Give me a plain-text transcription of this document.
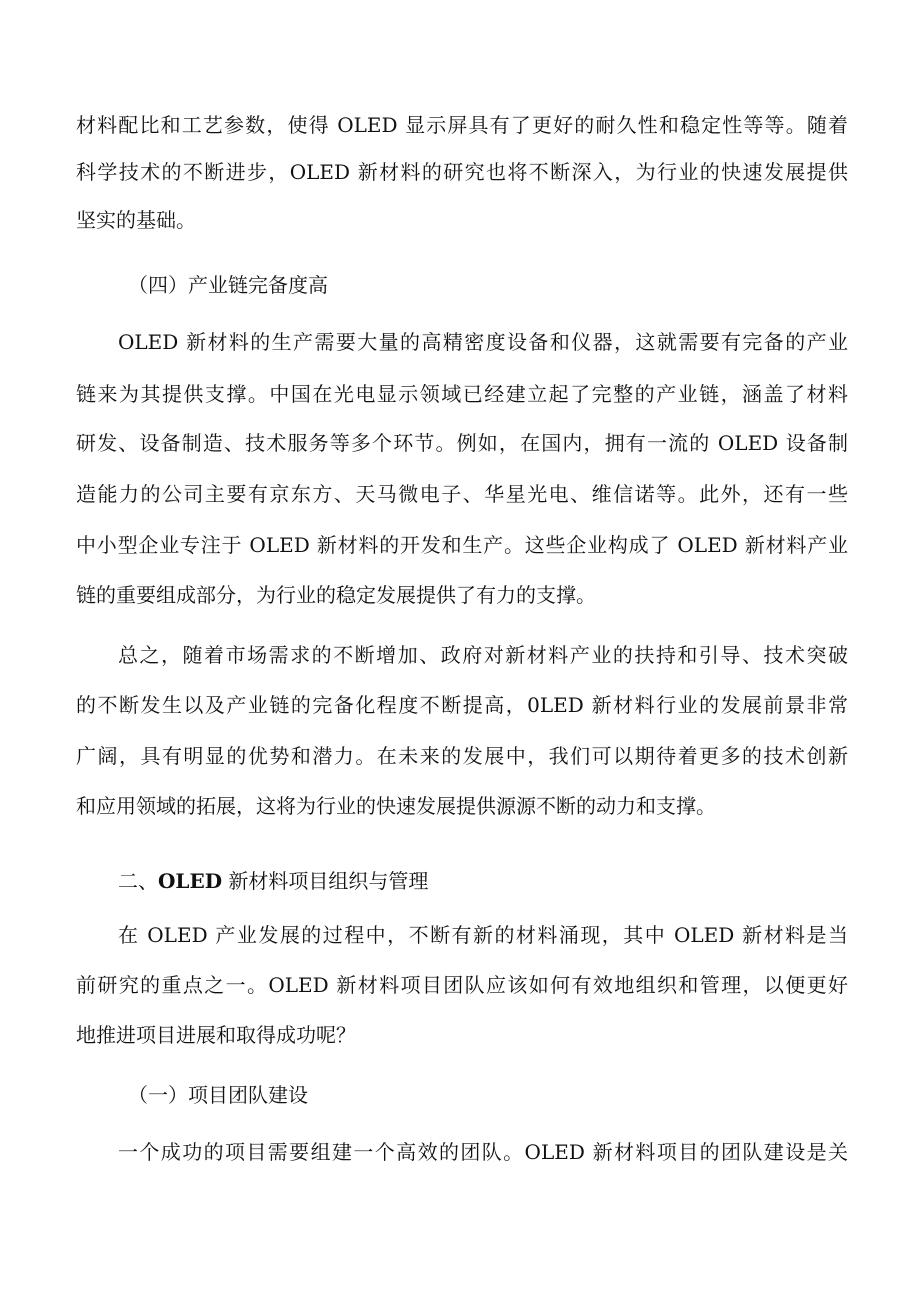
材料配比和工艺参数，使得 OLED 显示屏具有了更好的耐久性和稳定性等等。随着
科学技术的不断进步，OLED 新材料的研究也将不断深入，为行业的快速发展提供
坚实的基础。
（四）产业链完备度高
OLED 新材料的生产需要大量的高精密度设备和仪器，这就需要有完备的产业
链来为其提供支撑。中国在光电显示领域已经建立起了完整的产业链，涵盖了材料
研发、设备制造、技术服务等多个环节。例如，在国内，拥有一流的 OLED 设备制
造能力的公司主要有京东方、天马微电子、华星光电、维信诺等。此外，还有一些
中小型企业专注于 OLED 新材料的开发和生产。这些企业构成了 OLED 新材料产业
链的重要组成部分，为行业的稳定发展提供了有力的支撑。
总之，随着市场需求的不断增加、政府对新材料产业的扶持和引导、技术突破
的不断发生以及产业链的完备化程度不断提高，0LED 新材料行业的发展前景非常
广阔，具有明显的优势和潜力。在未来的发展中，我们可以期待着更多的技术创新
和应用领域的拓展，这将为行业的快速发展提供源源不断的动力和支撑。
二、OLED 新材料项目组织与管理
在 OLED 产业发展的过程中，不断有新的材料涌现，其中 OLED 新材料是当
前研究的重点之一。OLED 新材料项目团队应该如何有效地组织和管理，以便更好
地推进项目进展和取得成功呢？
（一）项目团队建设
一个成功的项目需要组建一个高效的团队。OLED 新材料项目的团队建设是关
